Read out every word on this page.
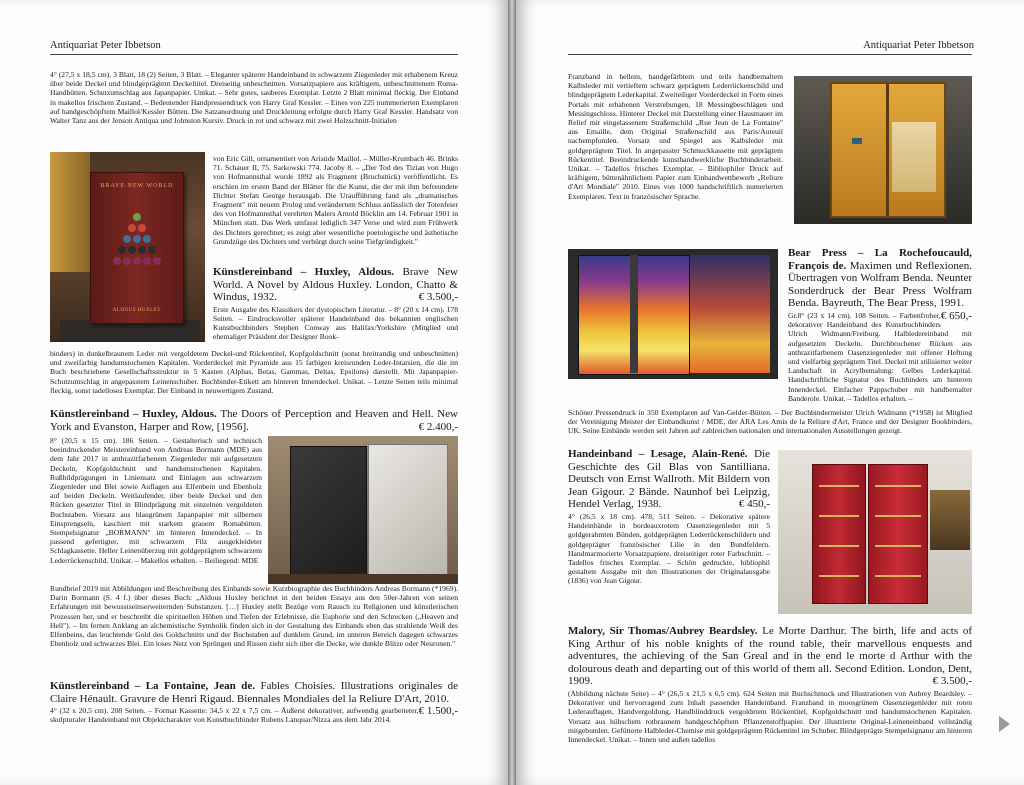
Antiquariat Peter Ibbetson
4° (27,5 x 18,5 cm). 3 Blatt, 18 (2) Seiten, 3 Blatt. – Eleganter späterer Handeinband in schwarzem Ziegenleder mit erhabenem Kreuz über beide Deckel und blindgeprägtem Deckeltitel. Dreiseitig unbeschnitten. Vorsatzpapiere aus kräftigem, unbeschnittenem Roma-Handbütten. Schutzumschlag aus Japanpapier. Unikat. – Sehr gutes, sauberes Exemplar. Letzte 2 Blatt minimal fleckig. Der Einband in makellos frischem Zustand. – Bedeutender Handpressendruck von Harry Graf Kessler. – Eines von 225 nummerierten Exemplaren auf handgeschöpftem Maillol/Kessler Bütten. Die Satzanordnung und Druckleitung erfolgte durch Harry Graf Kessler. Handsatz von Walter Tanz aus der Jenson Antiqua und Johnston Kursiv. Druck in rot und schwarz mit zwei Holzschnitt-Initialen
BRAVE NEW WORLD
ALDOUS HUXLEY
von Eric Gill, ornamentiert von Aristide Maillol. – Müller-Krumbach 46. Brinks 71. Schauer II, 75. Sarkowski 774. Jacoby 8. – „Der Tod des Tizian von Hugo von Hofmannsthal wurde 1892 als Fragment (Bruchstück) veröffentlicht. Es erschien im ersten Band der Blätter für die Kunst, die der mit ihm befreundete Dichter Stefan George herausgab. Die Uraufführung fand als „dramatisches Fragment" mit neuem Prolog und verändertem Schluss anlässlich der Totenfeier des von Hofmannsthal verehrten Malers Arnold Böcklin am 14. Februar 1901 in München statt. Das Werk umfasst lediglich 347 Verse und wird zum Frühwerk des Dichters gerechnet; es zeigt aber wesentliche poetologische und ästhetische Grundzüge des Dichters und verbürgt durch seine Tiefgründigkeit."
Künstlereinband – Huxley, Aldous. Brave New World. A Novel by Aldous Huxley. London, Chatto & Windus, 1932.	€ 3.500,-
Erste Ausgabe des Klassikers der dystopischen Literatur. – 8° (20 x 14 cm). 178 Seiten. – Eindrucksvoller späterer Handeinband des bekannten englischen Kunstbuchbinders Stephen Conway aus Halifax/Yorkshire (Mitglied und ehemaliger Präsident der Designer Book-
binders) in dunkelbraunem Leder mit vergoldetem Deckel-und Rückentitel, Kopfgoldschnitt (sonst breitrandig und unbeschnitten) und zweifarbig handumstochenen Kapitalen. Vorderdeckel mit Pyramide aus 15 farbigen kreisrunden Leder-Intarsien, die die im Buch beschriebene Gesellschaftsstruktur in 5 Kasten (Alphas, Betas, Gammas, Deltas, Epsilons) darstellt. Mit Japanpapier-Schutzumschlag in angepasstem Leinenschuber. Buchbinder-Etikett am hinteren Innendeckel. Unikat. – Letzte Seiten teils minimal fleckig, sonst tadelloses Exemplar. Der Einband in neuwertigem Zustand.
Künstlereinband – Huxley, Aldous. The Doors of Perception and Heaven and Hell. New York and Evanston, Harper and Row, [1956].	€ 2.400,-
8° (20,5 x 15 cm). 186 Seiten. – Gestalterisch und technisch beeindruckender Meistereinband von Andreas Bormann (MDE) aus dem Jahr 2017 in anthrazitfarbenem Ziegenleder mit aufgesetzten Deckeln, Kopfgoldschnitt und handumstochenen Kapitalen. Rußbildprägungen in Liniensatz und Einlagen aus schwarzem Ziegenleder und Blei sowie Auflagen aus Elfenbein und Ebenholz auf beiden Deckeln. Weitlaufender, über beide Deckel und den Rücken gesetzter Titel in Blindprägung mit einzelnen vergoldeten Buchstaben. Vorsatz aus blaugrünem Japanpapier mit silbernen Einsprengseln, kaschiert mit starkem grauem Romabütten. Stempelsignatur „BORMANN" im hinteren Innendeckel. – In passend gefertigter, mit schwarzem Filz ausgekleideter Schlagkassette. Heller Leinenüberzug mit goldgeprägtem schwarzem Lederrückenschild. Unikat. – Makellos erhalten. – Beiliegend: MDE
Rundbrief 2019 mit Abbildungen und Beschreibung des Einbands sowie Kurzbiographie des Buchbinders Andreas Bormann (*1969). Darin Bormann (S. 4 f.) über dieses Buch: „Aldous Huxley berichtet in den beiden Essays aus den 50er-Jahren von seinen Erfahrungen mit bewusstseinserweiternden Substanzen. […] Huxley stellt Bezüge vom Rausch zu Religionen und künstlerischen Prozessen her, und er beschreibt die spirituellen Höhen und Tiefen der Erlebnisse, die Euphorie und den Schrecken („Heaven and Hell"). – Im fernen Anklang an alchemistische Symbolik finden sich in der Gestaltung des Einbands eben das strahlende Weiß des Elfenbeins, das leuchtende Gold des Goldschnitts und der Buchstaben auf dunklem Grund, im unteren Bereich dagegen schwarzes Ebenholz und schwarzes Blei. Ein loses Netz von Sprüngen und Rissen zieht sich über die Decke, wie dunkle Blitze oder Neuronen."
Künstlereinband – La Fontaine, Jean de. Fables Choisies. Illustrations originales de Claire Hénault. Gravure de Henri Rigaud. Biennales Mondiales del la Reliure D'Art, 2010.
€ 1.500,-
4° (32 x 20,5 cm). 208 Seiten. – Format Kassette: 34,5 x 22 x 7,5 cm. – Äußerst dekorativer, aufwendig gearbeiteter, skulpturaler Handeinband mit Objektcharakter von Kunstbuchbinder Rubens Lanquar/Nizza aus dem Jahr 2014.
Antiquariat Peter Ibbetson
Franzband in hellem, handgefärbtem und teils handbemaltem Kalbsleder mit vertieftem schwarz geprägtem Lederrückenschild und blindgeprägtem Lederkapital. Zweiteiliger Vorderdeckel in Form eines Portals mit erhabenen Verstrebungen, 18 Messingbeschlägen und Messingschloss. Hinterer Deckel mit Darstellung einer Hausmauer im Relief mit eingelassenem Straßenschild „Rue Jean de La Fontaine" aus Emaille, dem Original Straßenschild aus Paris/Auteuil nachempfunden. Vorsatz und Spiegel aus Kalbsleder mit goldgeprägtem Titel. In angepasster Schmuckkassette mit geprägtem Rückentitel. Beeindruckende kunsthandwerkliche Buchbinderarbeit. Unikat. – Tadellos frisches Exemplar. – Bibliophiler Druck auf kräftigem, büttenähnlichem Papier zum Einbandwettbewerb „Reliure d'Art Mondiale" 2010. Eines von 1000 handschriftlich numerierten Exemplaren. Text in französischer Sprache.
Bear Press – La Rochefoucauld, François de. Maximen und Reflexionen. Übertragen von Wolfram Benda. Neunter Sonderdruck der Bear Press Wolfram Benda. Bayreuth, The Bear Press, 1991.
€ 650,-
Gr.8° (23 x 14 cm). 108 Seiten. – Farbenfroher, dekorativer Handeinband des Kunstbuchbinders Ulrich Widmann/Freiburg. Halbledereinband mit aufgesetzten Deckeln. Durchbrochener Rücken aus anthrazitfarbenem Oasenziegenleder mit offener Heftung und vielfarbig geprägtem Titel. Deckel mit stilisierter weiter Landschaft in Acrylbemalung: Gelbes Lederkapital. Handschriftliche Signatur des Buchbinders am hinteren Innendeckel. Einfacher Pappschuber mit handbemalter Banderole. Unikat. – Tadellos erhalten. –
Schöner Pressendruck in 350 Exemplaren auf Van-Gelder-Bütten. – Der Buchbindermeister Ulrich Widmann (*1958) ist Mitglied der Vereinigung Meister der Einbandkunst / MDE, der ARA Les Amis de la Reliure d'Art, France und der Designer Bookbinders, UK. Seine Einbände werden seit Jahren auf zahlreichen nationalen und internationalen Ausstellungen gezeigt.
Handeinband – Lesage, Alain-René. Die Geschichte des Gil Blas von Santilliana. Deutsch von Ernst Wallroth. Mit Bildern von Jean Gigour. 2 Bände. Naunhof bei Leipzig, Hendel Verlag, 1938.	€ 450,-
4° (26,5 x 18 cm). 478, 511 Seiten. – Dekorative spätere Handeinbände in bordeauxrotem Oasenziegenleder mit 5 goldgerahmten Bünden, goldgeprägten Lederrückenschildern und goldgeprägter französischer Lilie in den Bundfeldern. Handmarmorierte Vorsatzpapiere, dreiseitiger roter Farbschnitt. – Tadellos frisches Exemplar. – Schön gedruckte, bibliophil gestaltete Ausgabe mit den Illustrationen der Originalausgabe (1836) von Jean Gigour.
Malory, Sir Thomas/Aubrey Beardsley. Le Morte Darthur. The birth, life and acts of King Arthur of his noble knights of the round table, their marvellous enquests and adventures, the achieving of the San Greal and in the end le morte d Arthur with the dolourous death and departing out of this world of them all. Second Edition. London, Dent, 1909.	€ 3.500,-
(Abbildung nächste Seite) – 4° (26,5 x 21,5 x 6,5 cm). 624 Seiten mit Buchschmuck und Illustrationen von Aubrey Beardsley. – Dekorativer und hervorragend zum Inhalt passender Handeinband. Franzband in moosgrünem Oasenziegenleder mit roten Lederauflagen, Handvergoldung, Handblinddruck vergoldetem Rückentitel, Kopfgoldschnitt und handumstochenen Kapitalen. Vorsatz aus hübschem rotbraunem handgeschöpftem Pflanzenstoffpapier. Der illustrierte Original-Leineneinband vollständig mitgebunden. Gefütterte Halbleder-Chemise mit goldgeprägtem Rückentitel im Schuber. Blindgeprägte Stempelsignatur am hinteren Innendeckel. Unikat. – Innen und außen tadellos
